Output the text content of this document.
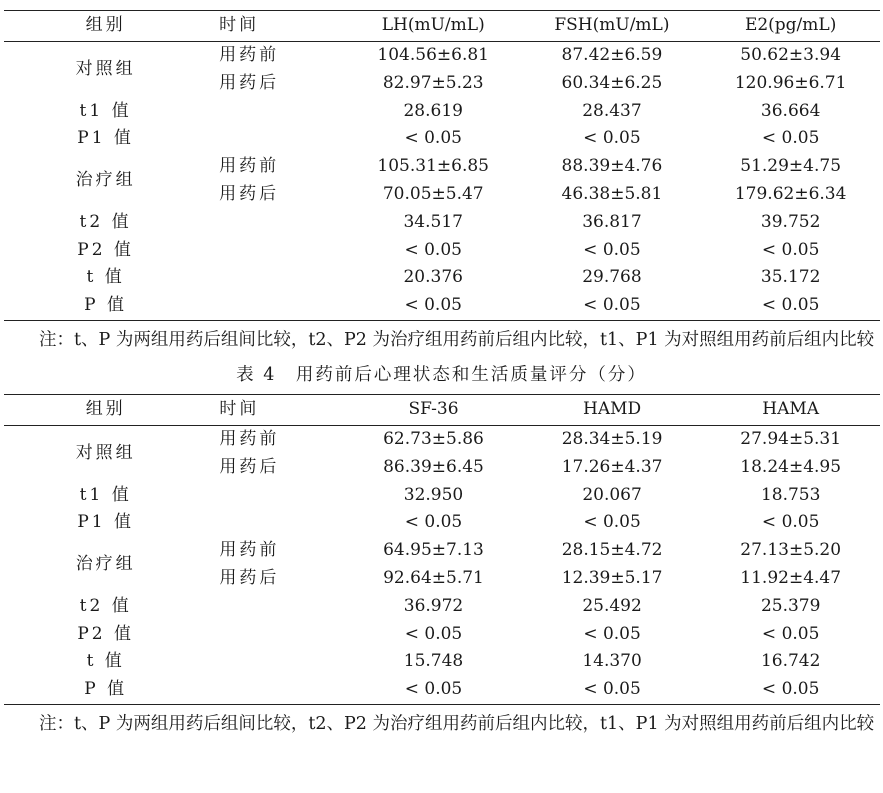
组别	时间	LH(mU/mL)	FSH(mU/mL)	E2(pg/mL)
对照组	用药前	104.56±6.81	87.42±6.59	50.62±3.94
	用药后	82.97±5.23	60.34±6.25	120.96±6.71
t1 值		28.619	28.437	36.664
P1 值		< 0.05	< 0.05	< 0.05
治疗组	用药前	105.31±6.85	88.39±4.76	51.29±4.75
	用药后	70.05±5.47	46.38±5.81	179.62±6.34
t2 值		34.517	36.817	39.752
P2 值		< 0.05	< 0.05	< 0.05
t 值		20.376	29.768	35.172
P 值		< 0.05	< 0.05	< 0.05

注：t、P 为两组用药后组间比较，t2、P2 为治疗组用药前后组内比较，t1、P1 为对照组用药前后组内比较

表 4　用药前后心理状态和生活质量评分（分）
组别	时间	SF-36	HAMD	HAMA
对照组	用药前	62.73±5.86	28.34±5.19	27.94±5.31
	用药后	86.39±6.45	17.26±4.37	18.24±4.95
t1 值		32.950	20.067	18.753
P1 值		< 0.05	< 0.05	< 0.05
治疗组	用药前	64.95±7.13	28.15±4.72	27.13±5.20
	用药后	92.64±5.71	12.39±5.17	11.92±4.47
t2 值		36.972	25.492	25.379
P2 值		< 0.05	< 0.05	< 0.05
t 值		15.748	14.370	16.742
P 值		< 0.05	< 0.05	< 0.05

注：t、P 为两组用药后组间比较，t2、P2 为治疗组用药前后组内比较，t1、P1 为对照组用药前后组内比较
